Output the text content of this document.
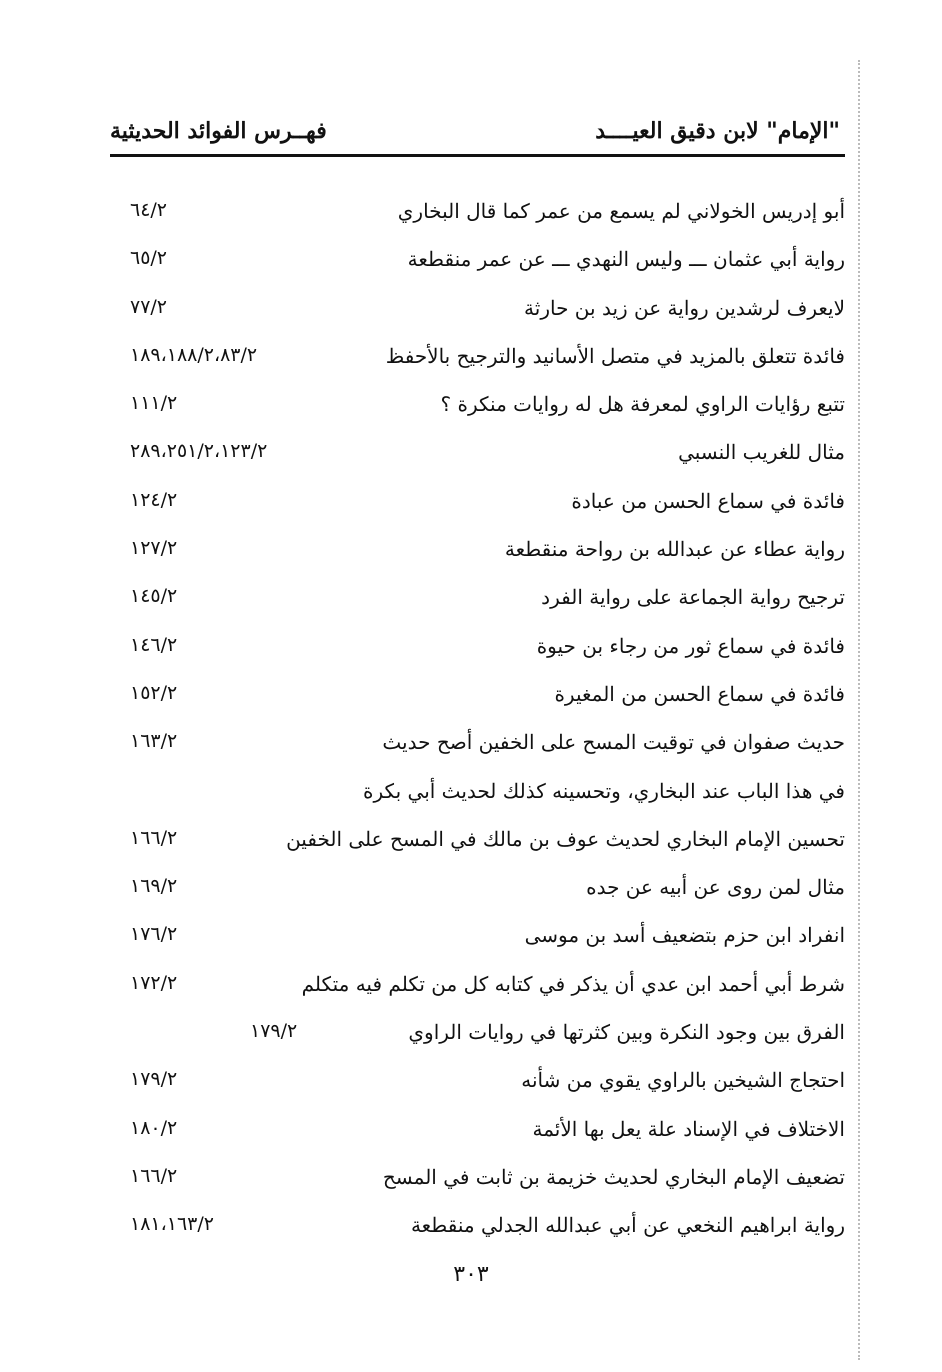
"الإمام" لابن دقيق العيــــد
فهــرس الفوائد الحديثية
أبو إدريس الخولاني لم يسمع من عمر كما قال البخاري
٦٤/٢
رواية أبي عثمان ـــ وليس النهدي ـــ عن عمر منقطعة
٦٥/٢
لايعرف لرشدين رواية عن زيد بن حارثة
٧٧/٢
فائدة تتعلق بالمزيد في متصل الأسانيد والترجيح بالأحفظ
١٨٩،١٨٨/٢،٨٣/٢
تتبع رؤايات الراوي لمعرفة هل له روايات منكرة ؟
١١١/٢
مثال للغريب النسبي
٢٨٩،٢٥١/٢،١٢٣/٢
فائدة في سماع الحسن من عبادة
١٢٤/٢
رواية عطاء عن عبدالله بن رواحة منقطعة
١٢٧/٢
ترجيح رواية الجماعة على رواية الفرد
١٤٥/٢
فائدة في سماع ثور من رجاء بن حيوة
١٤٦/٢
فائدة في سماع الحسن من المغيرة
١٥٢/٢
حديث صفوان في توقيت المسح على الخفين أصح حديث
١٦٣/٢
في هذا الباب عند البخاري، وتحسينه كذلك لحديث أبي بكرة
تحسين الإمام البخاري لحديث عوف بن مالك في المسح على الخفين
١٦٦/٢
مثال لمن روى عن أبيه عن جده
١٦٩/٢
انفراد ابن حزم بتضعيف أسد بن موسى
١٧٦/٢
شرط أبي أحمد ابن عدي أن يذكر في كتابه كل من تكلم فيه متكلم
١٧٢/٢
الفرق بين وجود النكرة وبين كثرتها في روايات الراوي
١٧٩/٢
احتجاج الشيخين بالراوي يقوي من شأنه
١٧٩/٢
الاختلاف في الإسناد علة يعل بها الأئمة
١٨٠/٢
تضعيف الإمام البخاري لحديث خزيمة بن ثابت في المسح
١٦٦/٢
رواية ابراهيم النخعي عن أبي عبدالله الجدلي منقطعة
١٨١،١٦٣/٢
٣٠٣
